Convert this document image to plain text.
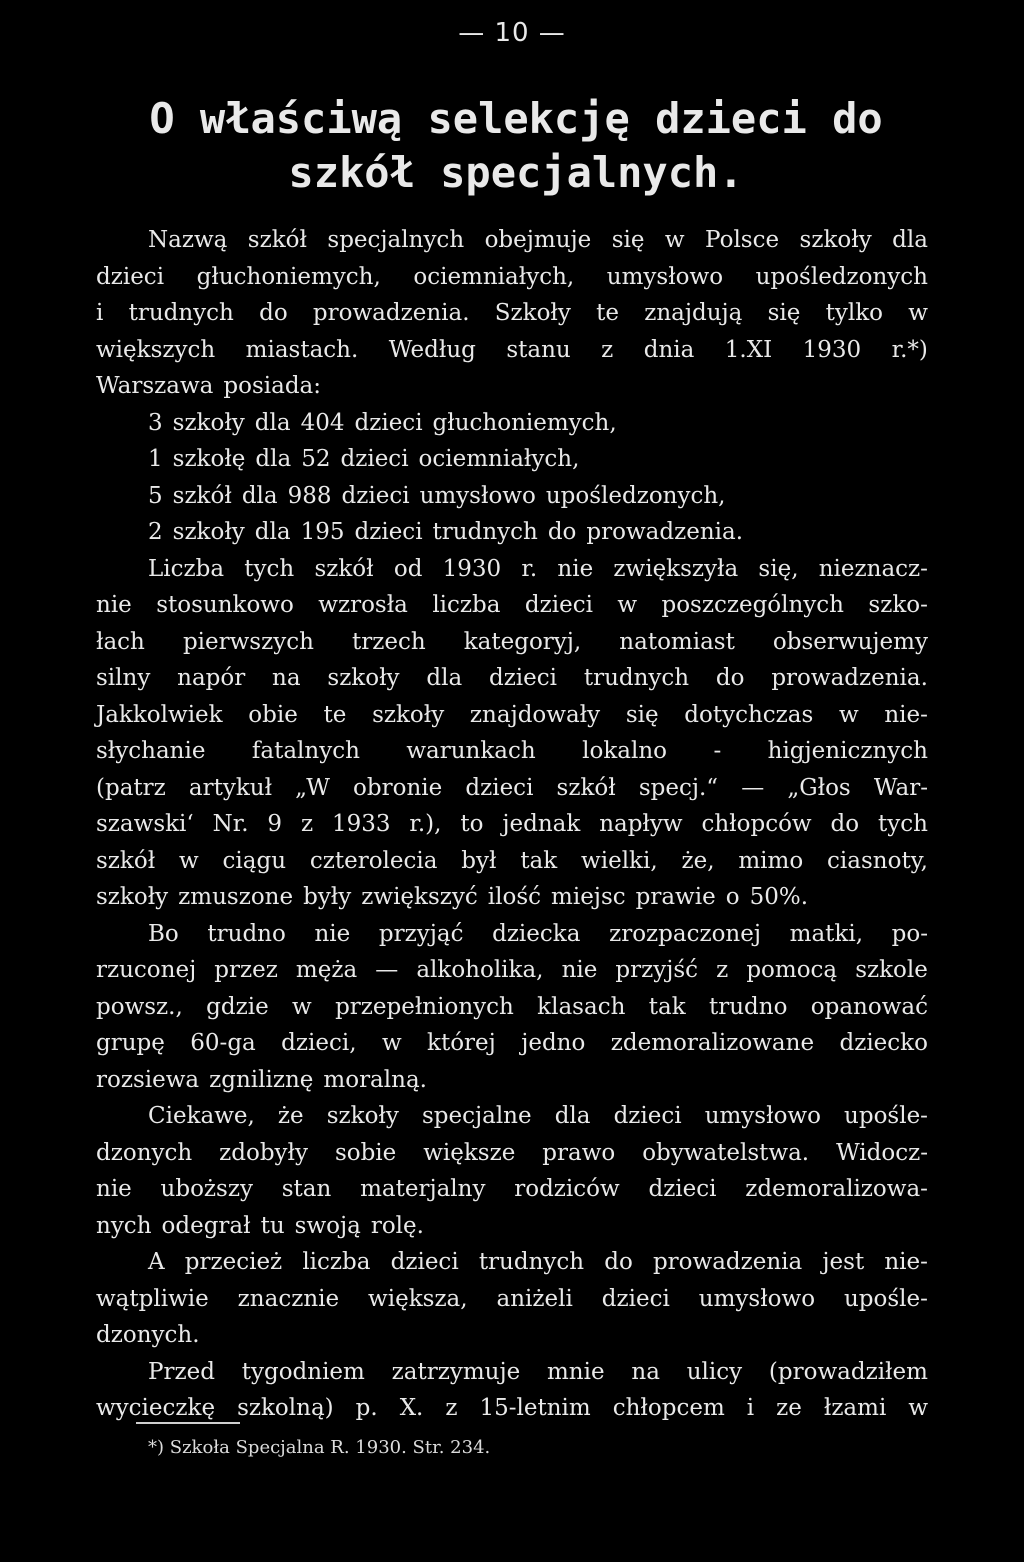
— 10 —
O właściwą selekcję dzieci do szkół specjalnych.
Nazwą szkół specjalnych obejmuje się w Polsce szkoły dla
dzieci głuchoniemych, ociemniałych, umysłowo upośledzonych
i trudnych do prowadzenia. Szkoły te znajdują się tylko w
większych miastach. Według stanu z dnia 1.XI 1930 r.*)
Warszawa posiada:
3 szkoły dla 404 dzieci głuchoniemych,
1 szkołę dla 52 dzieci ociemniałych,
5 szkół dla 988 dzieci umysłowo upośledzonych,
2 szkoły dla 195 dzieci trudnych do prowadzenia.
Liczba tych szkół od 1930 r. nie zwiększyła się, nieznacz-
nie stosunkowo wzrosła liczba dzieci w poszczególnych szko-
łach pierwszych trzech kategoryj, natomiast obserwujemy
silny napór na szkoły dla dzieci trudnych do prowadzenia.
Jakkolwiek obie te szkoły znajdowały się dotychczas w nie-
słychanie fatalnych warunkach lokalno - higjenicznych
(patrz artykuł „W obronie dzieci szkół specj.“ — „Głos War-
szawski‘ Nr. 9 z 1933 r.), to jednak napływ chłopców do tych
szkół w ciągu czterolecia był tak wielki, że, mimo ciasnoty,
szkoły zmuszone były zwiększyć ilość miejsc prawie o 50%.
Bo trudno nie przyjąć dziecka zrozpaczonej matki, po-
rzuconej przez męża — alkoholika, nie przyjść z pomocą szkole
powsz., gdzie w przepełnionych klasach tak trudno opanować
grupę 60-ga dzieci, w której jedno zdemoralizowane dziecko
rozsiewa zgniliznę moralną.
Ciekawe, że szkoły specjalne dla dzieci umysłowo upośle-
dzonych zdobyły sobie większe prawo obywatelstwa. Widocz-
nie uboższy stan materjalny rodziców dzieci zdemoralizowa-
nych odegrał tu swoją rolę.
A przecież liczba dzieci trudnych do prowadzenia jest nie-
wątpliwie znacznie większa, aniżeli dzieci umysłowo upośle-
dzonych.
Przed tygodniem zatrzymuje mnie na ulicy (prowadziłem
wycieczkę szkolną) p. X. z 15-letnim chłopcem i ze łzami w
*) Szkoła Specjalna R. 1930. Str. 234.
